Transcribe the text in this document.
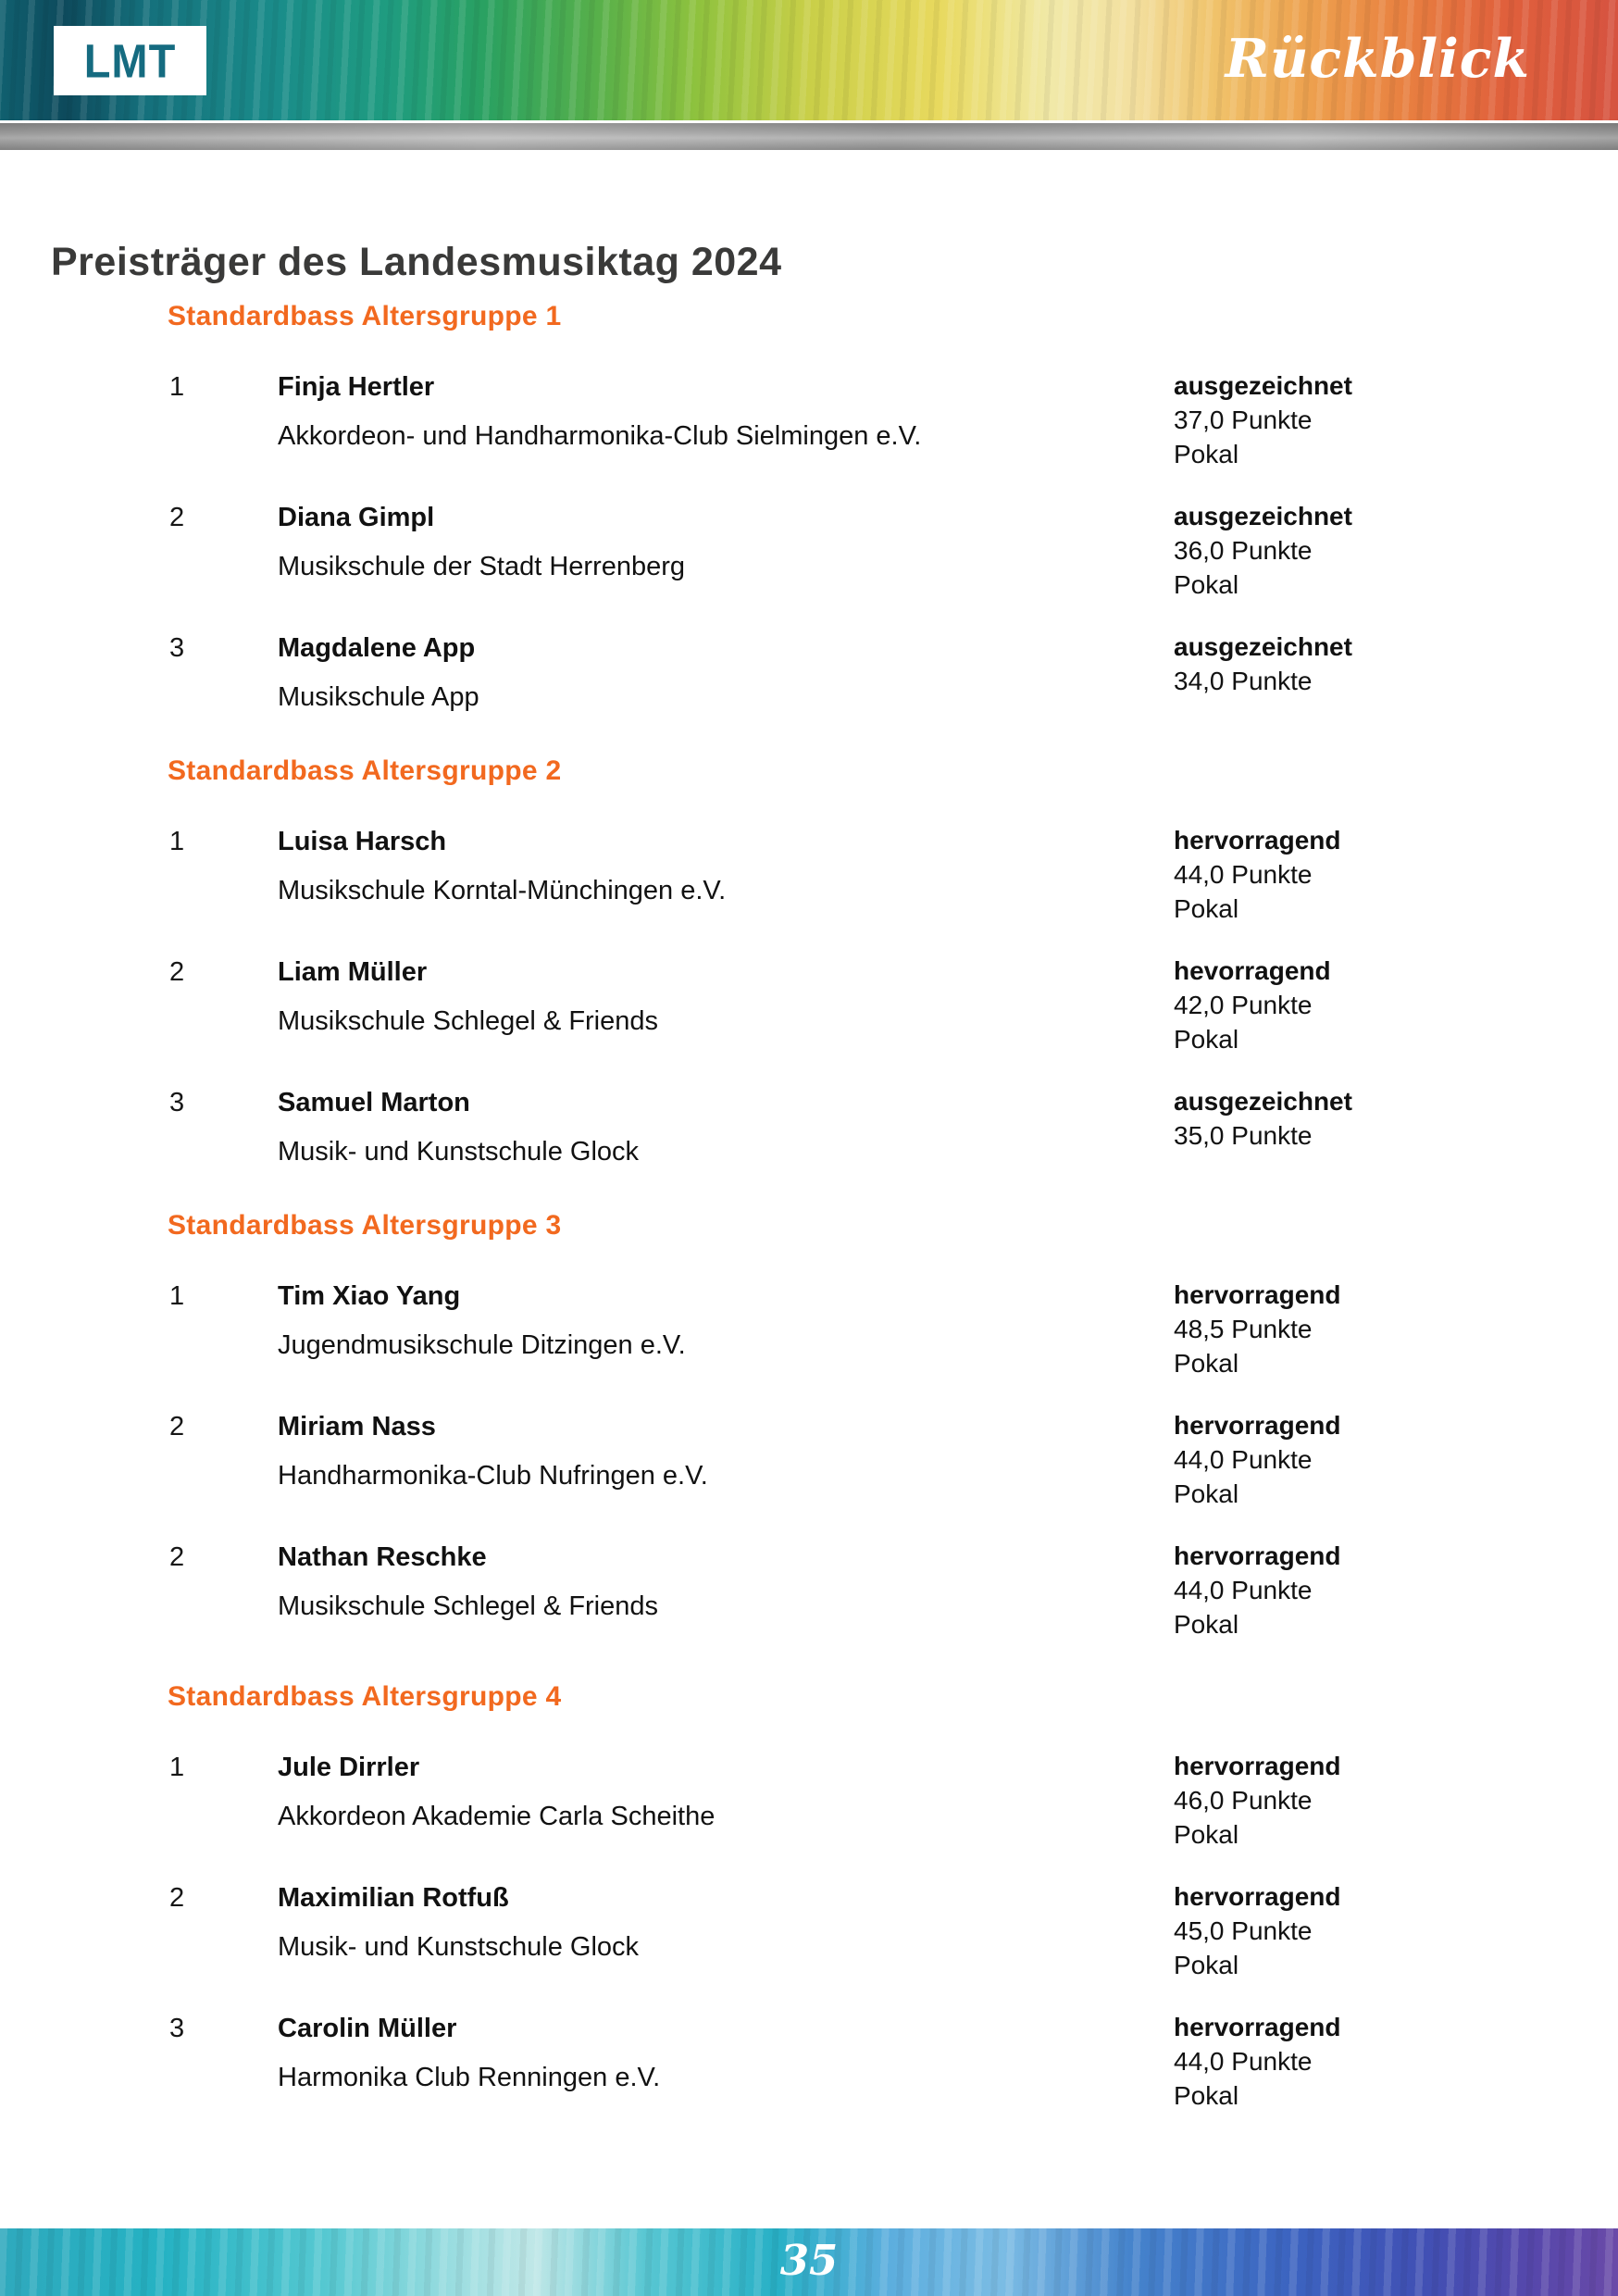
LMT	Rückblick
Preisträger des Landesmusiktag 2024
Standardbass Altersgruppe 1
1	Finja Hertler
Akkordeon- und Handharmonika-Club Sielmingen e.V.
ausgezeichnet
37,0 Punkte
Pokal
2	Diana Gimpl
Musikschule der Stadt Herrenberg
ausgezeichnet
36,0 Punkte
Pokal
3	Magdalene App
Musikschule App
ausgezeichnet
34,0 Punkte
Standardbass Altersgruppe 2
1	Luisa Harsch
Musikschule Korntal-Münchingen e.V.
hervorragend
44,0 Punkte
Pokal
2	Liam Müller
Musikschule Schlegel & Friends
hevorragend
42,0 Punkte
Pokal
3	Samuel Marton
Musik- und Kunstschule Glock
ausgezeichnet
35,0 Punkte
Standardbass Altersgruppe 3
1	Tim Xiao Yang
Jugendmusikschule Ditzingen e.V.
hervorragend
48,5 Punkte
Pokal
2	Miriam Nass
Handharmonika-Club Nufringen e.V.
hervorragend
44,0 Punkte
Pokal
2	Nathan Reschke
Musikschule Schlegel & Friends
hervorragend
44,0 Punkte
Pokal
Standardbass Altersgruppe 4
1	Jule Dirrler
Akkordeon Akademie Carla Scheithe
hervorragend
46,0 Punkte
Pokal
2	Maximilian Rotfuß
Musik- und Kunstschule Glock
hervorragend
45,0 Punkte
Pokal
3	Carolin Müller
Harmonika Club Renningen e.V.
hervorragend
44,0 Punkte
Pokal
35
